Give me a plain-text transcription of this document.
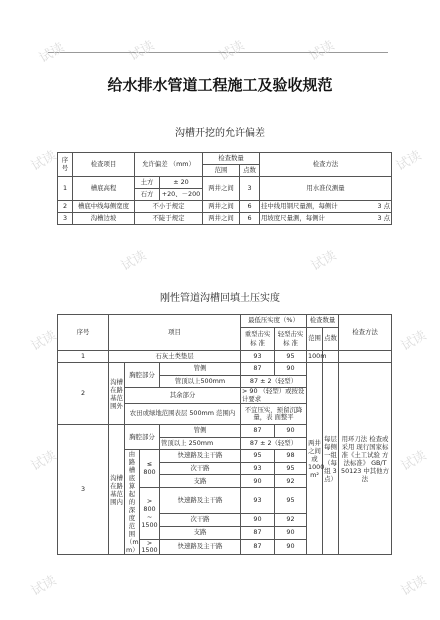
试读	试读	试读	试读
试读	试读
试读	试读
试读	试读
试读	试读
试读	试读
给水排水管道工程施工及验收规范
沟槽开挖的允许偏差
序 号	检查项目	允许偏差 （mm）		检查数量		检查方法
				范围	点数	
1	槽底高程	土方	± 20	两井之间	3	用水准仪测量
		石方	+20、－200			
2	槽底中线每侧宽度	不小于规定		两井之间	6	挂中线用钢尺量测，每侧计 3 点

3	沟槽边坡	不陡于规定		两井之间	6	用坡度尺量测，每侧计 3 点
刚性管道沟槽回填土压实度
序号	项目				最低压实度（%）		检查数量		检查方法
					重型击实标 准	轻型击实标 准	范围	点数	
1	石灰土类垫层				93	95	100m		
2	沟槽在路基范围外	胸腔部分		管侧	87	90	两井之间或 1000 m²	每层每侧一组（每组 3 点）	用环刀法 检查或采用 现行国家标 准《土工试验 方法标准》 GB/T 50123 中其他方法
				管顶以上500mm	87 ± 2（轻型）				
		其余部分			> 90 （轻型）或按设计要求				
		农田或绿地范围表层 500mm 范围内			不宜压实，预留沉降量，表 面整平				
3	沟槽在路基范围内	胸腔部分		管侧	87	90			
				管顶以上 250mm	87 ± 2（轻型）				
		由路槽底算起的深度范围（m m）	≤ 800	快速路及主干路	95	98			
				次干路	93	95			
				支路	90	92			
			> 800 ~ 1500	快速路及主干路	93	95			
				次干路	90	92			
				支路	87	90			
			> 1500	快速路及主干路	87	90			
